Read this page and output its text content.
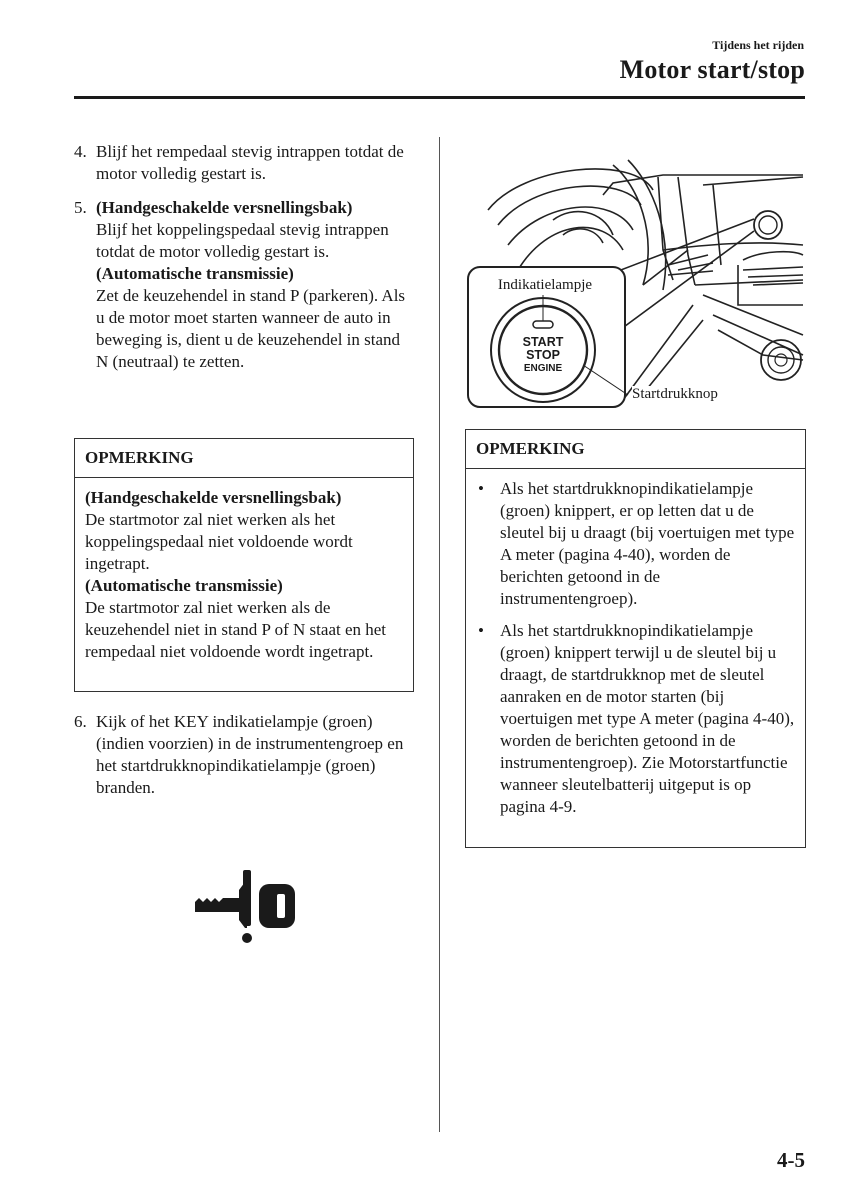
Tijdens het rijden
Motor start/stop
4. Blijf het rempedaal stevig intrappen totdat de motor volledig gestart is.
5. (Handgeschakelde versnellingsbak)
Blijf het koppelingspedaal stevig intrappen totdat de motor volledig gestart is.
(Automatische transmissie)
Zet de keuzehendel in stand P (parkeren). Als u de motor moet starten wanneer de auto in beweging is, dient u de keuzehendel in stand N (neutraal) te zetten.
OPMERKING
(Handgeschakelde versnellingsbak)
De startmotor zal niet werken als het koppelingspedaal niet voldoende wordt ingetrapt.
(Automatische transmissie)
De startmotor zal niet werken als de keuzehendel niet in stand P of N staat en het rempedaal niet voldoende wordt ingetrapt.
6. Kijk of het KEY indikatielampje (groen) (indien voorzien) in de instrumentengroep en het startdrukknopindikatielampje (groen) branden.
Indikatielampje
START
STOP
ENGINE
Startdrukknop
OPMERKING
• Als het startdrukknopindikatielampje (groen) knippert, er op letten dat u de sleutel bij u draagt (bij voertuigen met type A meter (pagina 4-40), worden de berichten getoond in de instrumentengroep).
• Als het startdrukknopindikatielampje (groen) knippert terwijl u de sleutel bij u draagt, de startdrukknop met de sleutel aanraken en de motor starten (bij voertuigen met type A meter (pagina 4-40), worden de berichten getoond in de instrumentengroep). Zie Motorstartfunctie wanneer sleutelbatterij uitgeput is op pagina 4-9.
4-5
